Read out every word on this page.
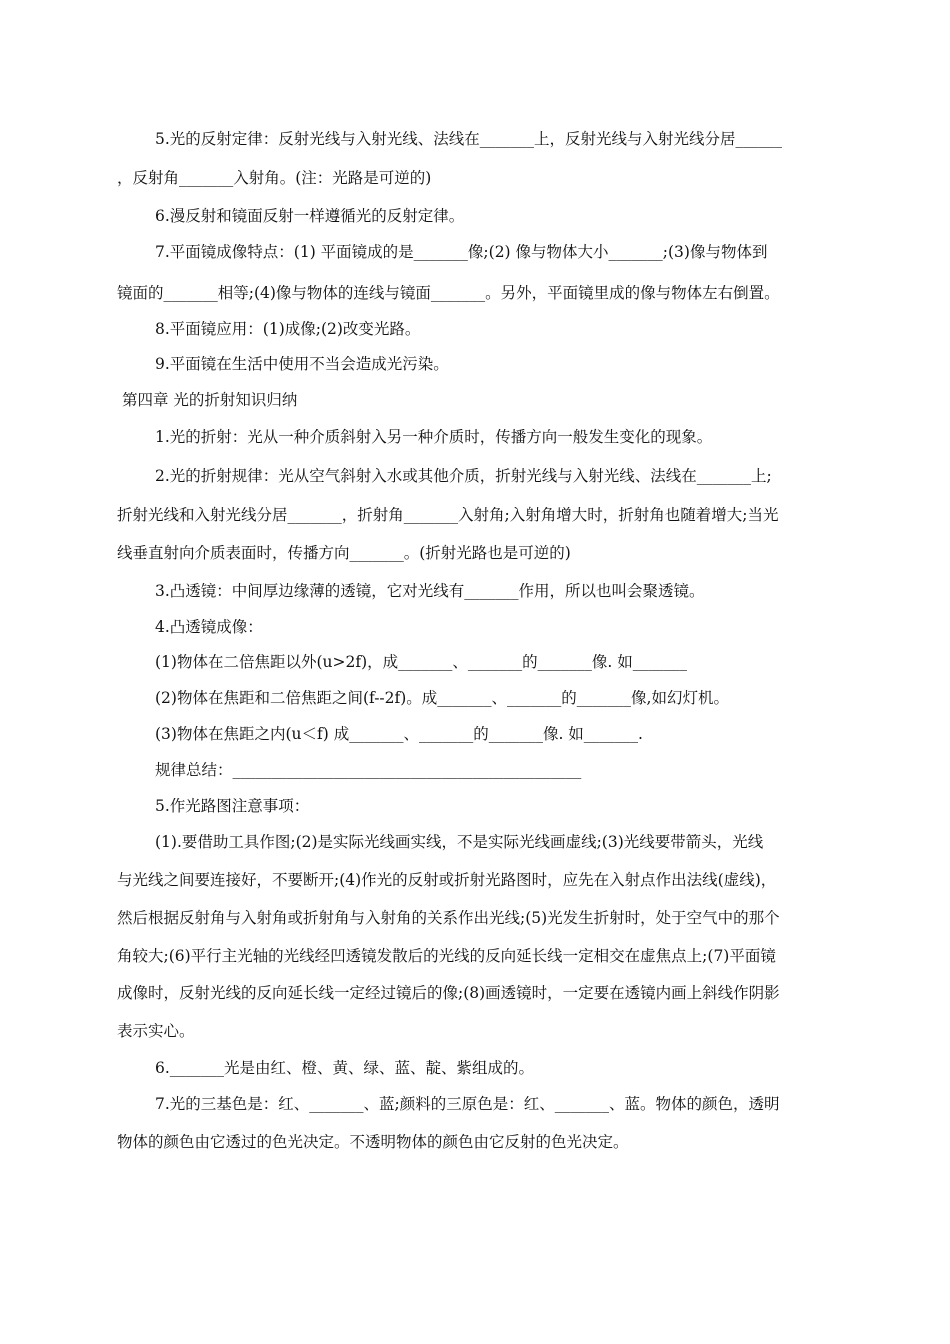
5.光的反射定律：反射光线与入射光线、法线在_______上，反射光线与入射光线分居______
，反射角_______入射角。(注：光路是可逆的)
6.漫反射和镜面反射一样遵循光的反射定律。
7.平面镜成像特点：(1) 平面镜成的是_______像;(2) 像与物体大小_______;(3)像与物体到
镜面的_______相等;(4)像与物体的连线与镜面_______。另外，平面镜里成的像与物体左右倒置。
8.平面镜应用：(1)成像;(2)改变光路。
9.平面镜在生活中使用不当会造成光污染。
第四章 光的折射知识归纳
1.光的折射：光从一种介质斜射入另一种介质时，传播方向一般发生变化的现象。
2.光的折射规律：光从空气斜射入水或其他介质，折射光线与入射光线、法线在_______上;
折射光线和入射光线分居_______，折射角_______入射角;入射角增大时，折射角也随着增大;当光
线垂直射向介质表面时，传播方向_______。(折射光路也是可逆的)
3.凸透镜：中间厚边缘薄的透镜，它对光线有_______作用，所以也叫会聚透镜。
4.凸透镜成像：
(1)物体在二倍焦距以外(u>2f)，成_______、_______的_______像. 如_______
(2)物体在焦距和二倍焦距之间(f--2f)。成_______、_______的_______像,如幻灯机。
(3)物体在焦距之内(u＜f) 成_______、_______的_______像. 如_______.
规律总结：_____________________________________________
5.作光路图注意事项：
(1).要借助工具作图;(2)是实际光线画实线，不是实际光线画虚线;(3)光线要带箭头，光线
与光线之间要连接好，不要断开;(4)作光的反射或折射光路图时，应先在入射点作出法线(虚线)，
然后根据反射角与入射角或折射角与入射角的关系作出光线;(5)光发生折射时，处于空气中的那个
角较大;(6)平行主光轴的光线经凹透镜发散后的光线的反向延长线一定相交在虚焦点上;(7)平面镜
成像时，反射光线的反向延长线一定经过镜后的像;(8)画透镜时，一定要在透镜内画上斜线作阴影
表示实心。
6._______光是由红、橙、黄、绿、蓝、靛、紫组成的。
7.光的三基色是：红、_______、蓝;颜料的三原色是：红、_______、蓝。物体的颜色，透明
物体的颜色由它透过的色光决定。不透明物体的颜色由它反射的色光决定。
